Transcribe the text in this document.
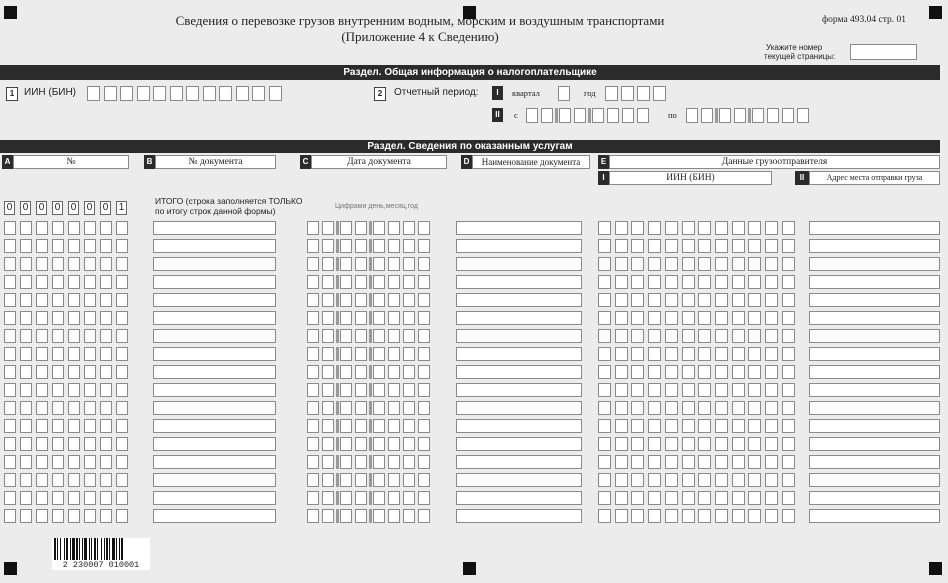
Сведения о перевозке грузов внутренним водным, морским и воздушным транспортами
(Приложение 4 к Сведению)
форма 493.04 стр. 01
Укажите номер
текущей страницы:
Раздел. Общая информация о налогоплательщике
1 ИИН (БИН)	2	Отчетный период:	I	квартал	год
II	с	по
Раздел. Сведения по оказанным услугам
A	№	B	№ документа	C	Дата документа	D	Наименование документа	E	Данные грузоотправителя
I	ИИН (БИН)	II	Адрес места отправки груза
0 0 0 0 0 0 0 1
ИТОГО (строка заполняется ТОЛЬКО
по итогу строк данной формы)	Цифрами день,месяц,год
2 230007 010001
